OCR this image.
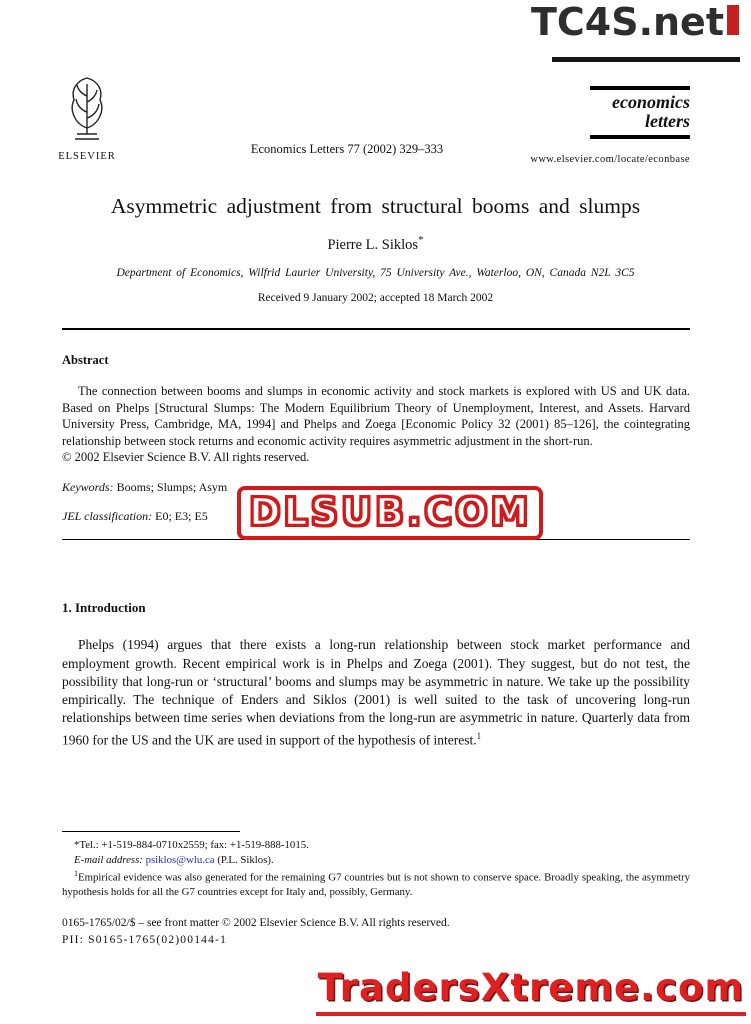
TC4S.net
ELSEVIER
Economics Letters 77 (2002) 329–333
economics
letters
www.elsevier.com/locate/econbase
Asymmetric adjustment from structural booms and slumps
Pierre L. Siklos*
Department of Economics, Wilfrid Laurier University, 75 University Ave., Waterloo, ON, Canada N2L 3C5
Received 9 January 2002; accepted 18 March 2002
Abstract

The connection between booms and slumps in economic activity and stock markets is explored with US and UK data. Based on Phelps [Structural Slumps: The Modern Equilibrium Theory of Unemployment, Interest, and Assets. Harvard University Press, Cambridge, MA, 1994] and Phelps and Zoega [Economic Policy 32 (2001) 85–126], the cointegrating relationship between stock returns and economic activity requires asymmetric adjustment in the short-run.

© 2002 Elsevier Science B.V. All rights reserved.

Keywords: Booms; Slumps; Asym

JEL classification: E0; E3; E5

1. Introduction

Phelps (1994) argues that there exists a long-run relationship between stock market performance and employment growth. Recent empirical work is in Phelps and Zoega (2001). They suggest, but do not test, the possibility that long-run or ‘structural’ booms and slumps may be asymmetric in nature. We take up the possibility empirically. The technique of Enders and Siklos (2001) is well suited to the task of uncovering long-run relationships between time series when deviations from the long-run are asymmetric in nature. Quarterly data from 1960 for the US and the UK are used in support of the hypothesis of interest.$^1$

*Tel.: +1-519-884-0710x2559; fax: +1-519-888-1015.

E-mail address: psiklos@wlu.ca (P.L. Siklos).

$^1$Empirical evidence was also generated for the remaining G7 countries but is not shown to conserve space. Broadly speaking, the asymmetry hypothesis holds for all the G7 countries except for Italy and, possibly, Germany.

0165-1765/02/$ – see front matter © 2002 Elsevier Science B.V. All rights reserved.

PII: S0165-1765(02)00144-1

DLSUB.COM
TradersXtreme.com
